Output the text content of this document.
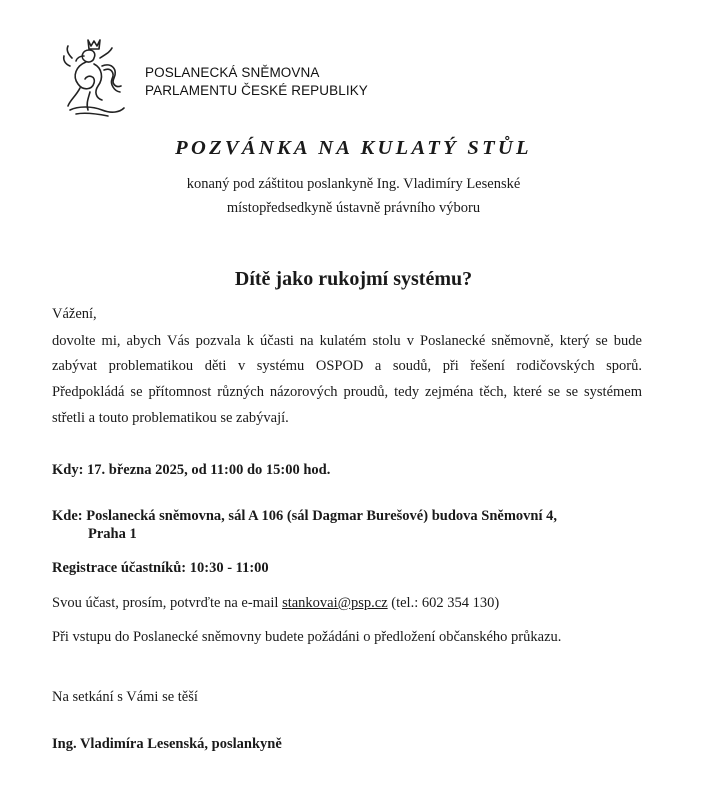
POSLANECKÁ SNĚMOVNA
PARLAMENTU ČESKÉ REPUBLIKY
POZVÁNKA NA KULATÝ STŮL
konaný pod záštitou poslankyně Ing. Vladimíry Lesenské
místopředsedkyně ústavně právního výboru
Dítě jako rukojmí systému?
Vážení,
dovolte mi, abych Vás pozvala k účasti na kulatém stolu v Poslanecké sněmovně, který se bude
zabývat problematikou děti v systému OSPOD a soudů, při řešení rodičovských sporů.
Předpokládá se přítomnost různých názorových proudů, tedy zejména těch, které se se systémem
střetli a touto problematikou se zabývají.
Kdy: 17. března 2025, od 11:00 do 15:00 hod.
Kde: Poslanecká sněmovna, sál A 106 (sál Dagmar Burešové) budova Sněmovní 4,
Praha 1
Registrace účastníků: 10:30 - 11:00
Svou účast, prosím, potvrďte na e-mail stankovai@psp.cz (tel.: 602 354 130)
Při vstupu do Poslanecké sněmovny budete požádáni o předložení občanského průkazu.
Na setkání s Vámi se těší
Ing. Vladimíra Lesenská, poslankyně
